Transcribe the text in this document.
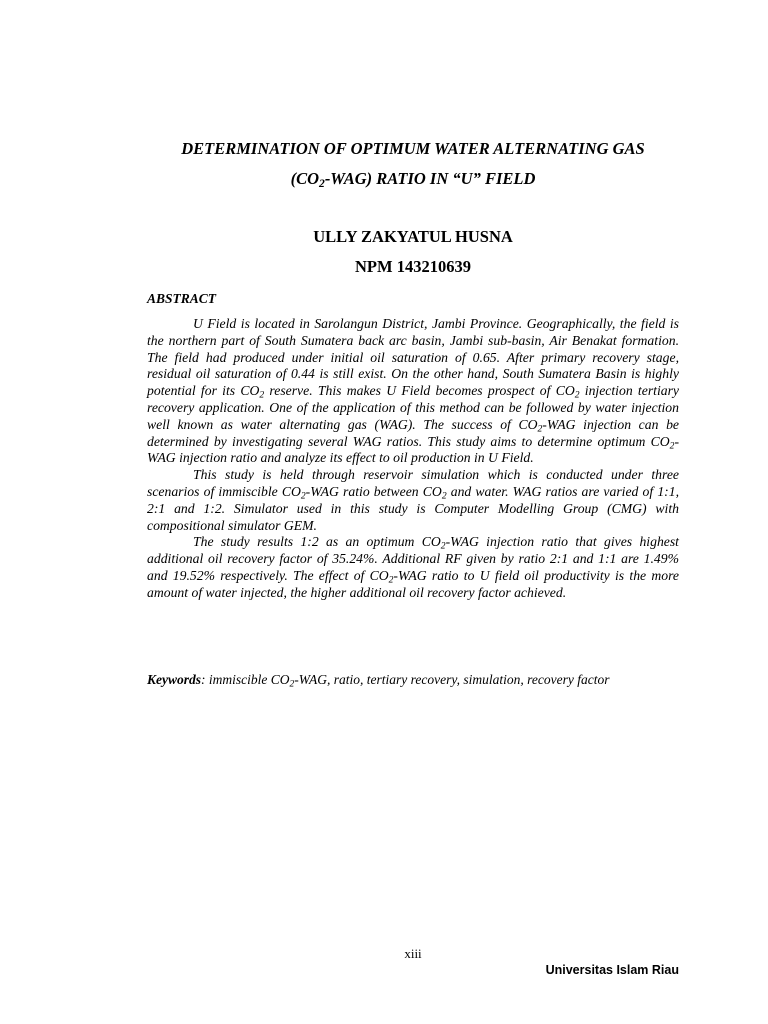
DETERMINATION OF OPTIMUM WATER ALTERNATING GAS
$(CO_2-WAG)$ RATIO IN “U” FIELD
ULLY ZAKYATUL HUSNA
NPM 143210639
ABSTRACT

U Field is located in Sarolangun District, Jambi Province. Geographically, the field is the northern part of South Sumatera back arc basin, Jambi sub-basin, Air Benakat formation. The field had produced under initial oil saturation of 0.65. After primary recovery stage, residual oil saturation of 0.44 is still exist. On the other hand, South Sumatera Basin is highly potential for its $CO_2$ reserve. This makes U Field becomes prospect of $CO_2$ injection tertiary recovery application. One of the application of this method can be followed by water injection well known as water alternating gas (WAG). The success of $CO_2$-WAG injection can be determined by investigating several WAG ratios. This study aims to determine optimum $CO_2$-WAG injection ratio and analyze its effect to oil production in U Field.

This study is held through reservoir simulation which is conducted under three scenarios of immiscible $CO_2$-WAG ratio between $CO_2$ and water. WAG ratios are varied of 1:1, 2:1 and 1:2. Simulator used in this study is Computer Modelling Group (CMG) with compositional simulator GEM.

The study results 1:2 as an optimum $CO_2$-WAG injection ratio that gives highest additional oil recovery factor of 35.24%. Additional RF given by ratio 2:1 and 1:1 are 1.49% and 19.52% respectively. The effect of $CO_2$-WAG ratio to U field oil productivity is the more amount of water injected, the higher additional oil recovery factor achieved.

Keywords: immiscible $CO_2$-WAG, ratio, tertiary recovery, simulation, recovery factor
xiii
Universitas Islam Riau
